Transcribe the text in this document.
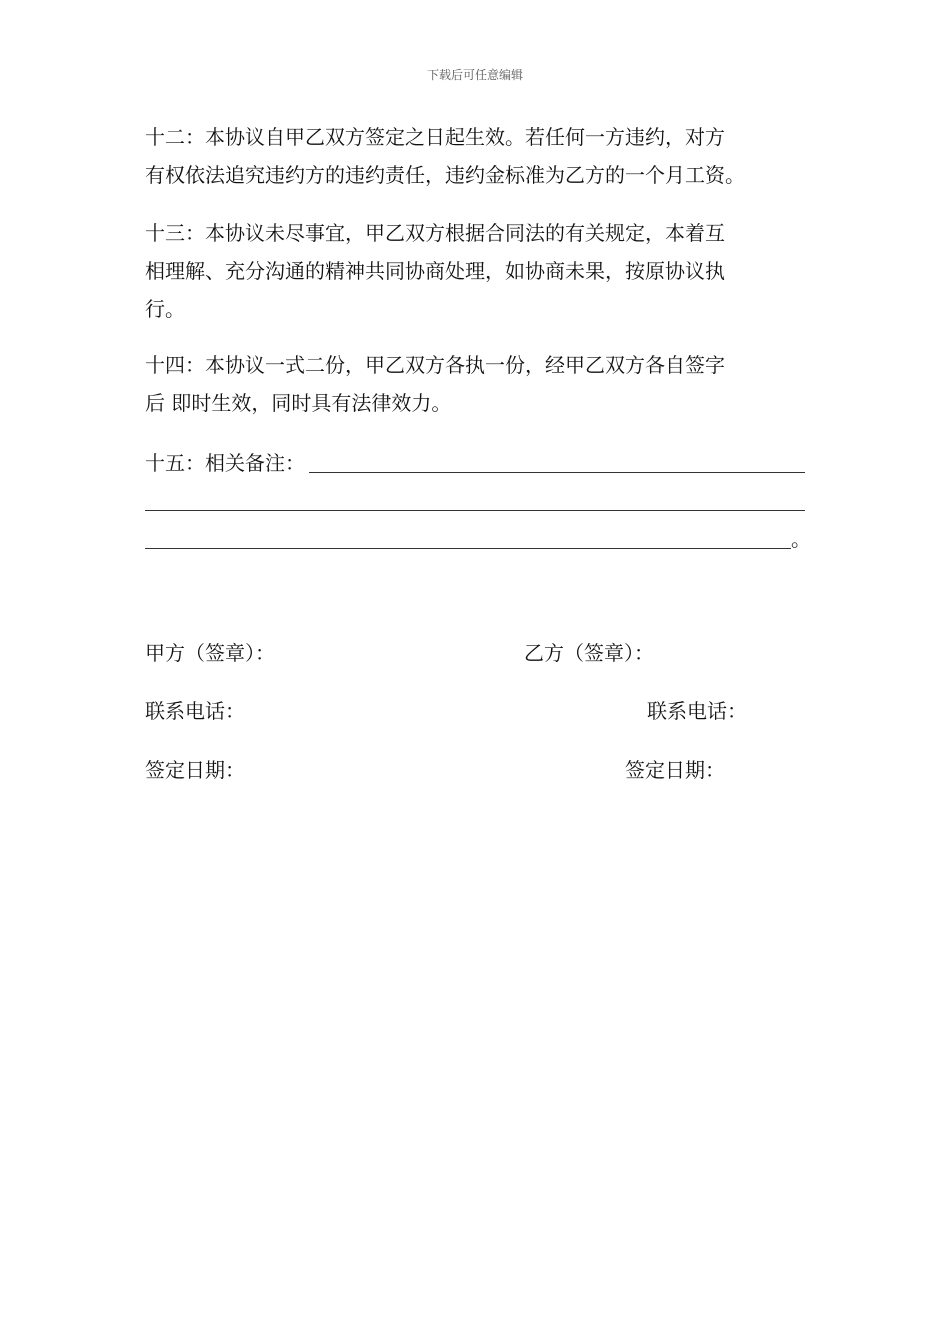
下载后可任意编辑
十二：本协议自甲乙双方签定之日起生效。若任何一方违约，对方
有权依法追究违约方的违约责任，违约金标准为乙方的一个月工资。
十三：本协议未尽事宜，甲乙双方根据合同法的有关规定，本着互
相理解、充分沟通的精神共同协商处理，如协商未果，按原协议执
行。
十四：本协议一式二份，甲乙双方各执一份，经甲乙双方各自签字
后 即时生效，同时具有法律效力。
十五：相关备注：
。
甲方（签章）：	乙方（签章）：
联系电话：	联系电话：
签定日期：	签定日期：
